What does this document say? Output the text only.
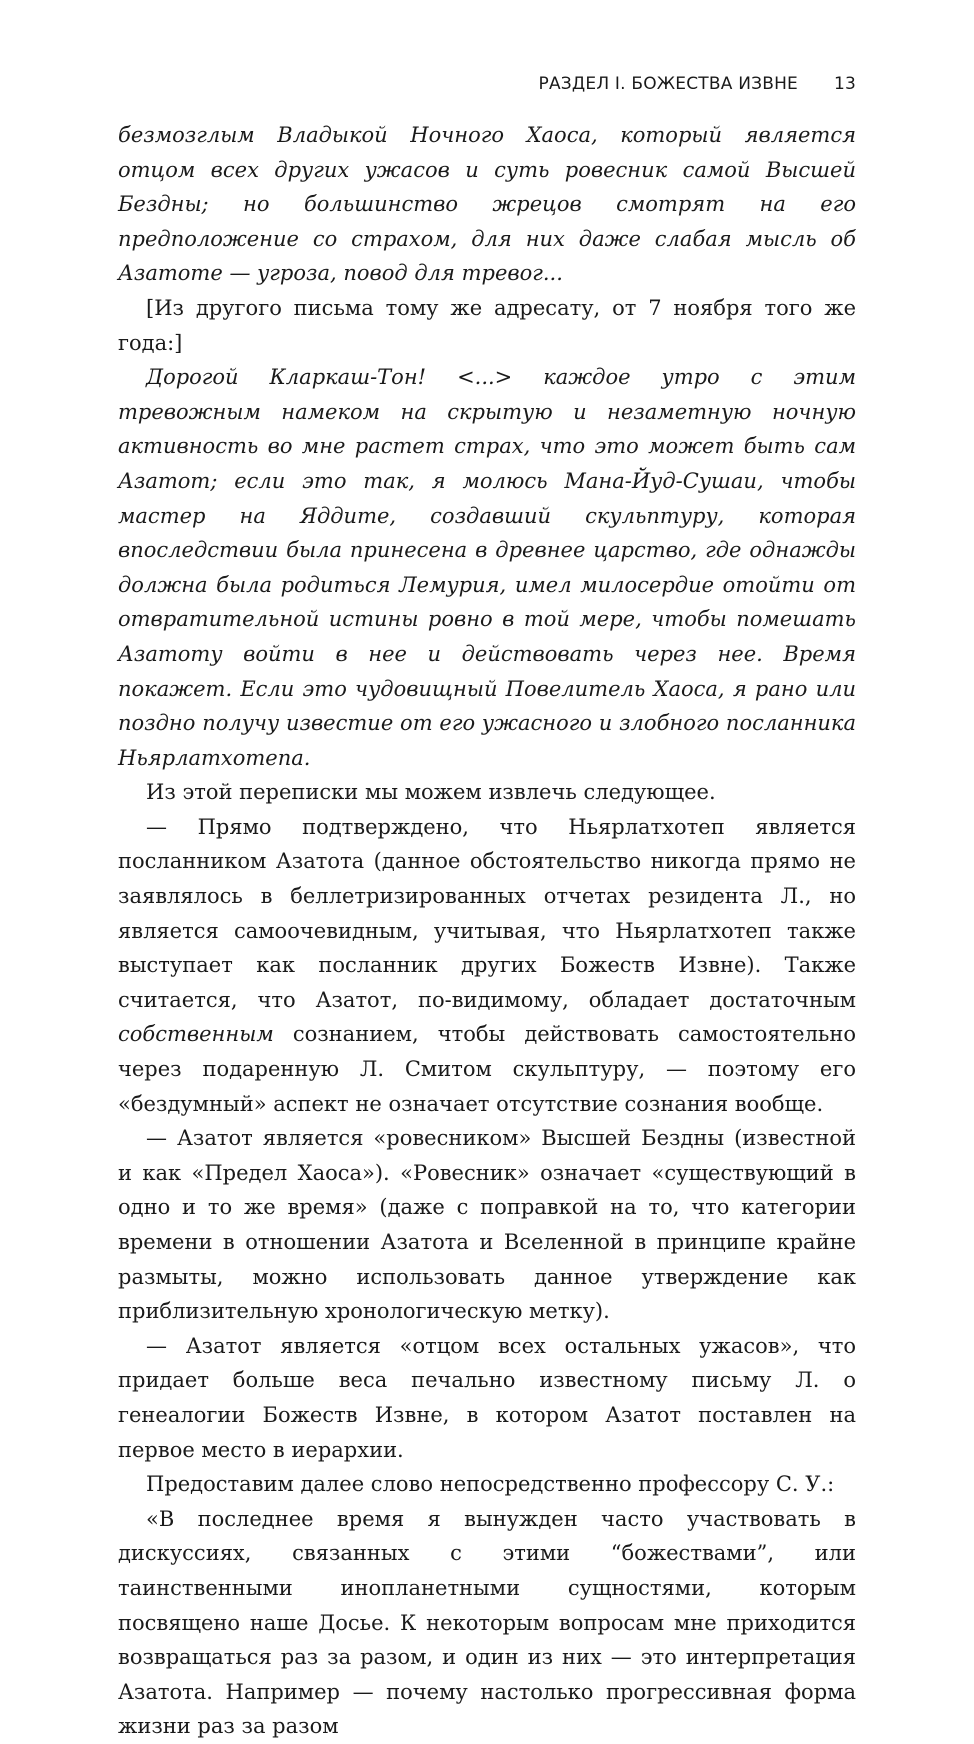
РАЗДЕЛ I. БОЖЕСТВА ИЗВНЕ 13

безмозглым Владыкой Ночного Хаоса, который является отцом всех других ужасов и суть ровесник самой Высшей Бездны; но большинство жрецов смотрят на его предположение со страхом, для них даже слабая мысль об Азатоте — угроза, повод для тревог...

[Из другого письма тому же адресату, от 7 ноября того же года:]

Дорогой Кларкаш-Тон! <...> каждое утро с этим тревожным намеком на скрытую и незаметную ночную активность во мне растет страх, что это может быть сам Азатот; если это так, я молюсь Мана-Йуд-Сушаи, чтобы мастер на Яддите, создавший скульптуру, которая впоследствии была принесена в древнее царство, где однажды должна была родиться Лемурия, имел милосердие отойти от отвратительной истины ровно в той мере, чтобы помешать Азатоту войти в нее и действовать через нее. Время покажет. Если это чудовищный Повелитель Хаоса, я рано или поздно получу известие от его ужасного и злобного посланника Ньярлатхотепа.

Из этой переписки мы можем извлечь следующее.

— Прямо подтверждено, что Ньярлатхотеп является посланником Азатота (данное обстоятельство никогда прямо не заявлялось в беллетризированных отчетах резидента Л., но является самоочевидным, учитывая, что Ньярлатхотеп также выступает как посланник других Божеств Извне). Также считается, что Азатот, по-видимому, обладает достаточным собственным сознанием, чтобы действовать самостоятельно через подаренную Л. Смитом скульптуру, — поэтому его «бездумный» аспект не означает отсутствие сознания вообще.

— Азатот является «ровесником» Высшей Бездны (известной и как «Предел Хаоса»). «Ровесник» означает «существующий в одно и то же время» (даже с поправкой на то, что категории времени в отношении Азатота и Вселенной в принципе крайне размыты, можно использовать данное утверждение как приблизительную хронологическую метку).

— Азатот является «отцом всех остальных ужасов», что придает больше веса печально известному письму Л. о генеалогии Божеств Извне, в котором Азатот поставлен на первое место в иерархии.

Предоставим далее слово непосредственно профессору С. У.:

«В последнее время я вынужден часто участвовать в дискуссиях, связанных с этими “божествами”, или таинственными инопланетными сущностями, которым посвящено наше Досье. К некоторым вопросам мне приходится возвращаться раз за разом, и один из них — это интерпретация Азатота. Например — почему настолько прогрессивная форма жизни раз за разом
